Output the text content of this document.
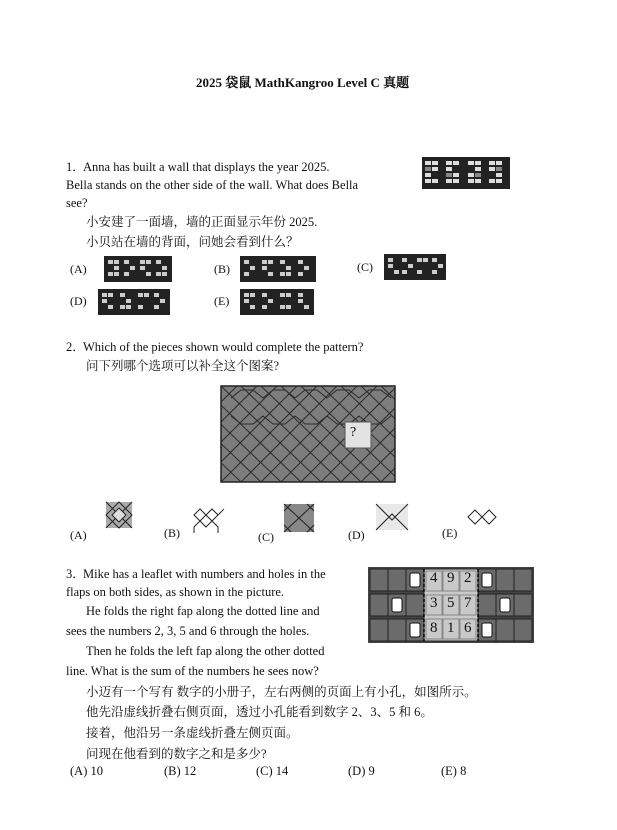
2025 袋鼠 MathKangroo Level C 真题
1．
Anna has built a wall that displays the year 2025.
Bella stands on the other side of the wall. What does Bella
see?
小安建了一面墙，墙的正面显示年份 2025.
小贝站在墙的背面，问她会看到什么？
(A)	(B)	(C)
(D)	(E)
2．
Which of the pieces shown would complete the pattern?
问下列哪个选项可以补全这个图案?
?
(A)	(B)	(C)	(D)	(E)
3．
Mike has a leaflet with numbers and holes in the
flaps on both sides, as shown in the picture.
He folds the right fap along the dotted line and
sees the numbers 2, 3, 5 and 6 through the holes.
Then he folds the left fap along the other dotted
line. What is the sum of the numbers he sees now?
小迈有一个写有 数字的小册子，左右两侧的页面上有小孔，如图所示。
他先沿虚线折叠右侧页面，透过小孔能看到数字 2、3、5 和 6。
接着，他沿另一条虚线折叠左侧页面。
问现在他看到的数字之和是多少?
4 9 2
3 5 7
8 1 6
(A) 10	(B) 12	(C) 14	(D) 9	(E) 8
